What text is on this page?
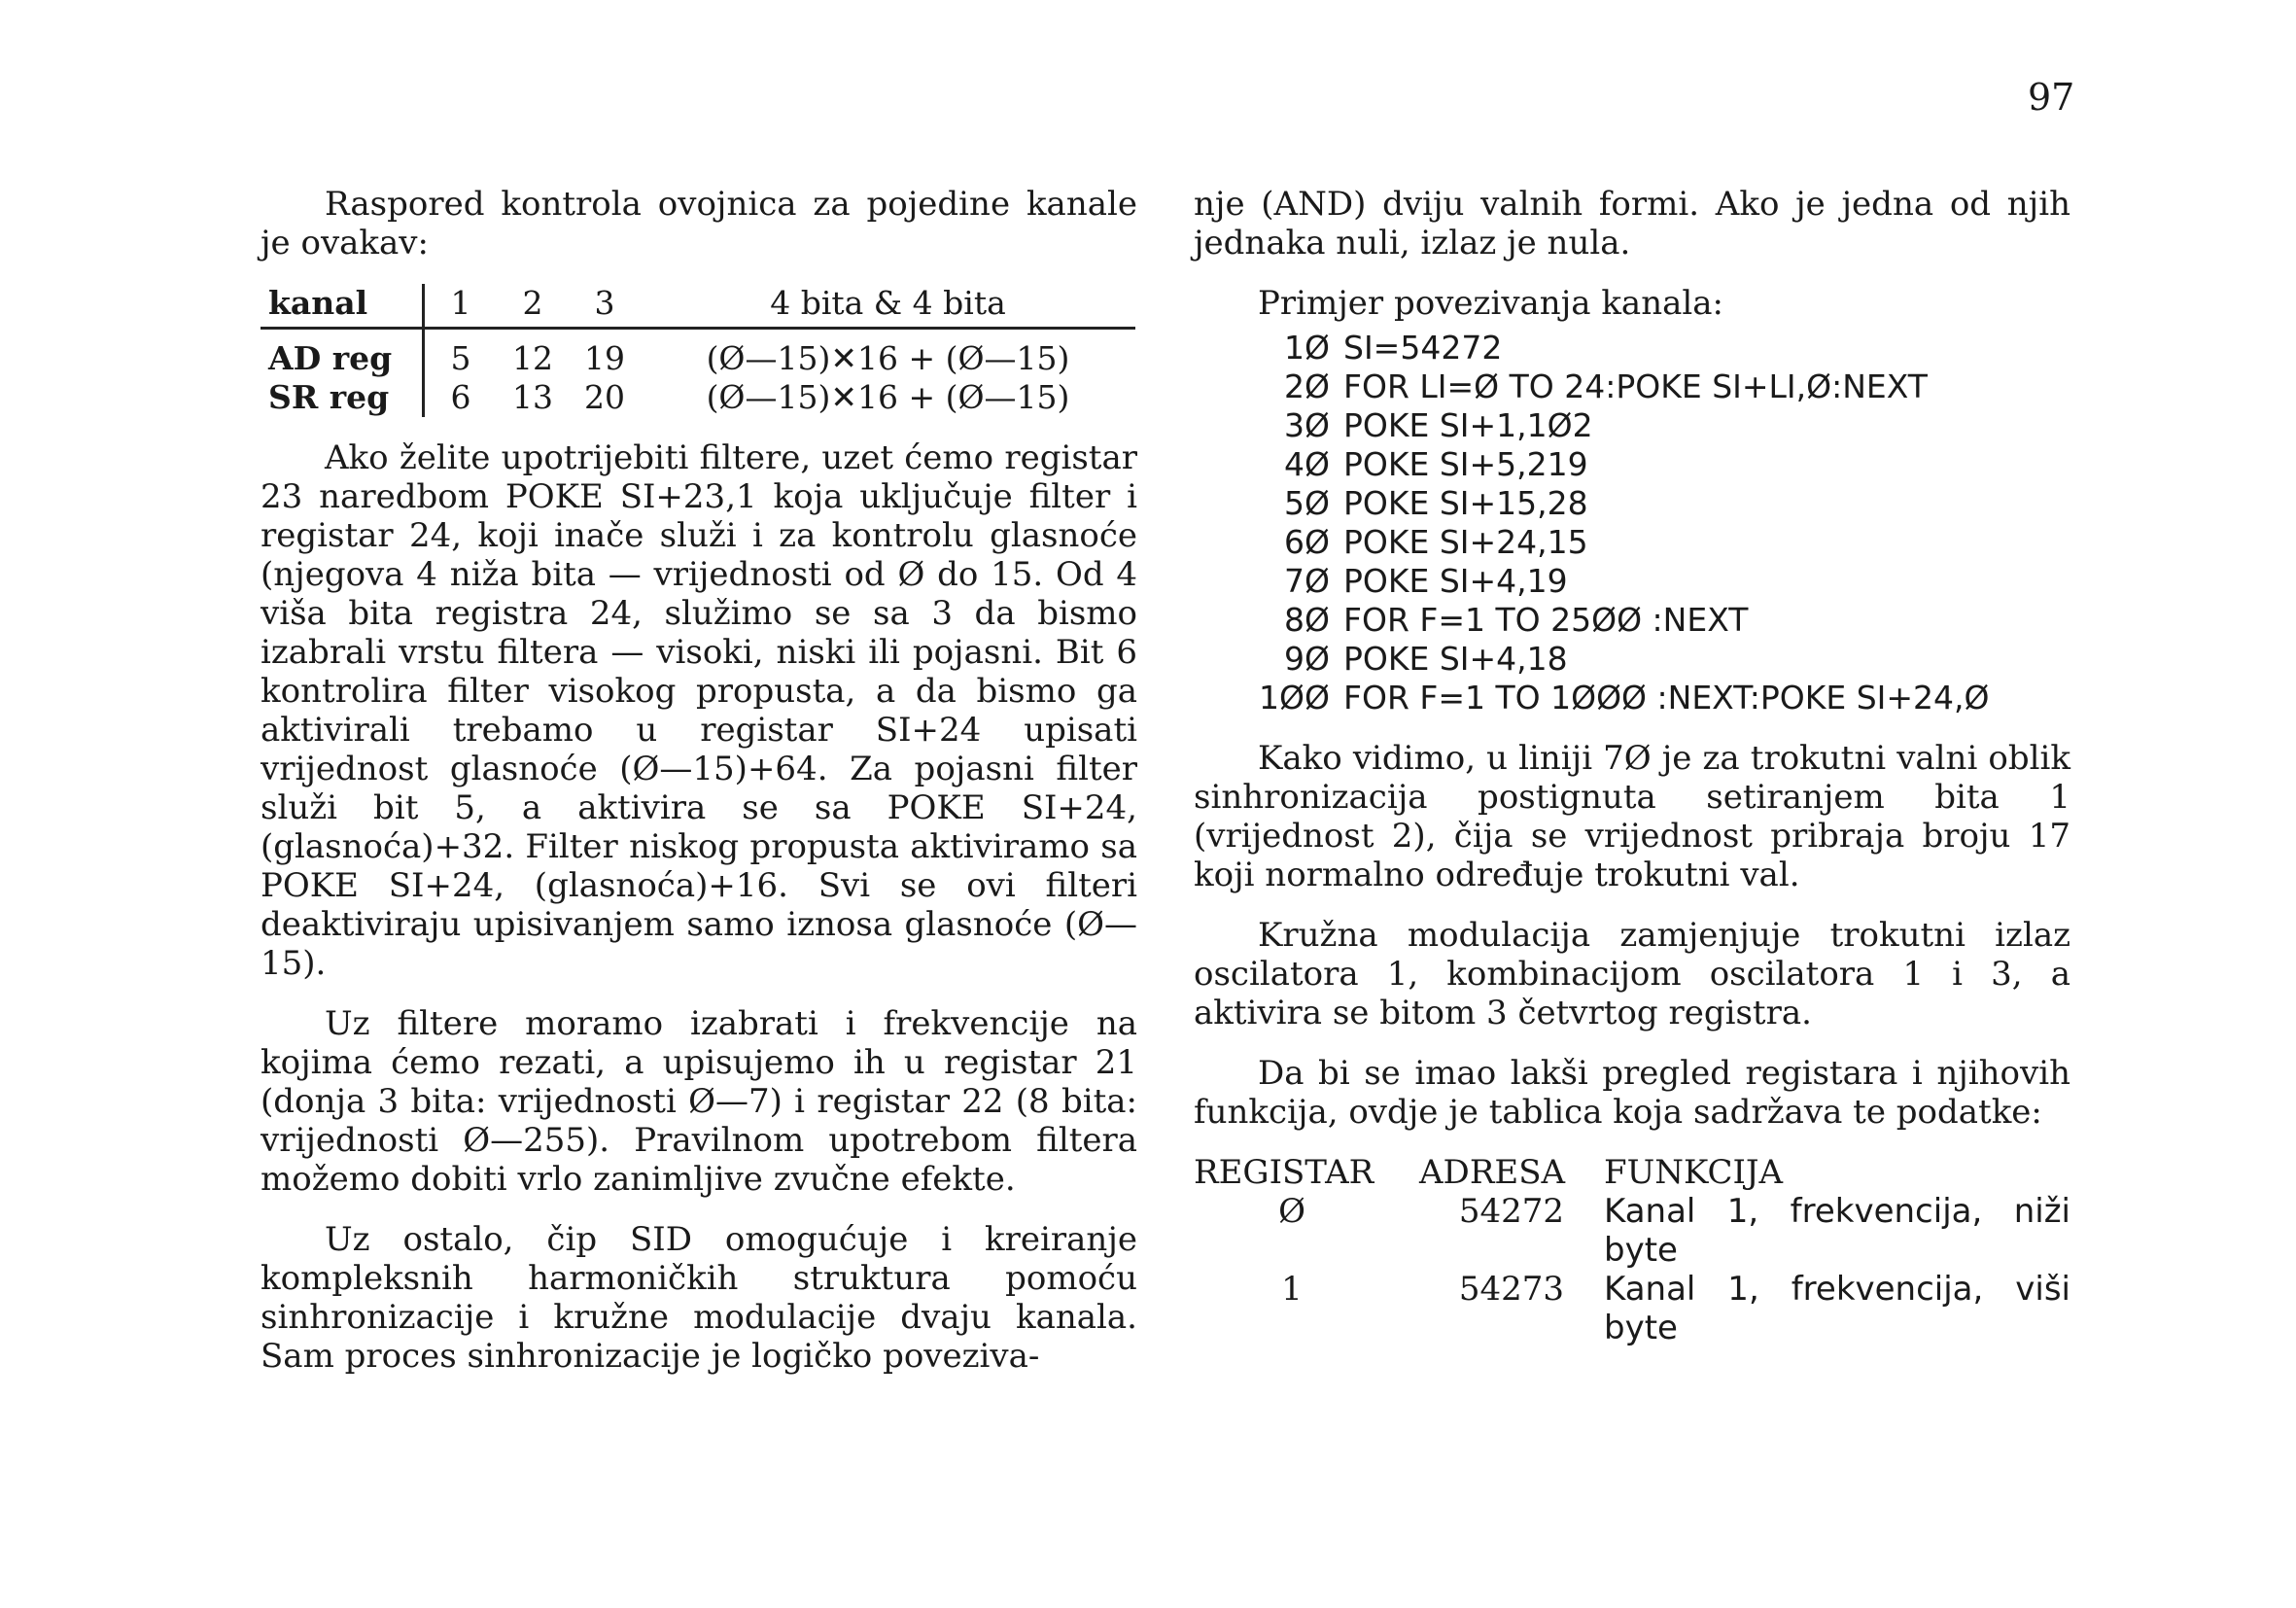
97

Raspored kontrola ovojnica za pojedine kanale je ovakav:

kanal	1	2	3	4 bita & 4 bita
AD reg	5	12	19	(Ø—15)✕16 + (Ø—15)
SR reg	6	13	20	(Ø—15)✕16 + (Ø—15)

Ako želite upotrijebiti filtere, uzet ćemo registar 23 naredbom POKE SI+23,1 koja uključuje filter i registar 24, koji inače služi i za kontrolu glasnoće (njegova 4 niža bita — vrijednosti od Ø do 15. Od 4 viša bita registra 24, služimo se sa 3 da bismo izabrali vrstu filtera — visoki, niski ili pojasni. Bit 6 kontrolira filter visokog propusta, a da bismo ga aktivirali trebamo u registar SI+24 upisati vrijednost glasnoće (Ø—15)+64. Za pojasni filter služi bit 5, a aktivira se sa POKE SI+24, (glasnoća)+32. Filter niskog propusta aktiviramo sa POKE SI+24, (glasnoća)+16. Svi se ovi filteri deaktiviraju upisivanjem samo iznosa glasnoće (Ø—15).

Uz filtere moramo izabrati i frekvencije na kojima ćemo rezati, a upisujemo ih u registar 21 (donja 3 bita: vrijednosti Ø—7) i registar 22 (8 bita: vrijednosti Ø—255). Pravilnom upotrebom filtera možemo dobiti vrlo zanimljive zvučne efekte.

Uz ostalo, čip SID omogućuje i kreiranje kompleksnih harmoničkih struktura pomoću sinhronizacije i kružne modulacije dvaju kanala. Sam proces sinhronizacije je logičko poveziva-

nje (AND) dviju valnih formi. Ako je jedna od njih jednaka nuli, izlaz je nula.

Primjer povezivanja kanala:

1Ø SI=54272
2Ø FOR LI=Ø TO 24:POKE SI+LI,Ø:NEXT
3Ø POKE SI+1,1Ø2
4Ø POKE SI+5,219
5Ø POKE SI+15,28
6Ø POKE SI+24,15
7Ø POKE SI+4,19
8Ø FOR F=1 TO 25ØØ :NEXT
9Ø POKE SI+4,18
1ØØ FOR F=1 TO 1ØØØ :NEXT:POKE SI+24,Ø

Kako vidimo, u liniji 7Ø je za trokutni valni oblik sinhronizacija postignuta setiranjem bita 1 (vrijednost 2), čija se vrijednost pribraja broju 17 koji normalno određuje trokutni val.

Kružna modulacija zamjenjuje trokutni izlaz oscilatora 1, kombinacijom oscilatora 1 i 3, a aktivira se bitom 3 četvrtog registra.

Da bi se imao lakši pregled registara i njihovih funkcija, ovdje je tablica koja sadržava te podatke:

REGISTAR	ADRESA	FUNKCIJA
Ø	54272	Kanal 1, frekvencija, niži byte
1	54273	Kanal 1, frekvencija, viši byte
